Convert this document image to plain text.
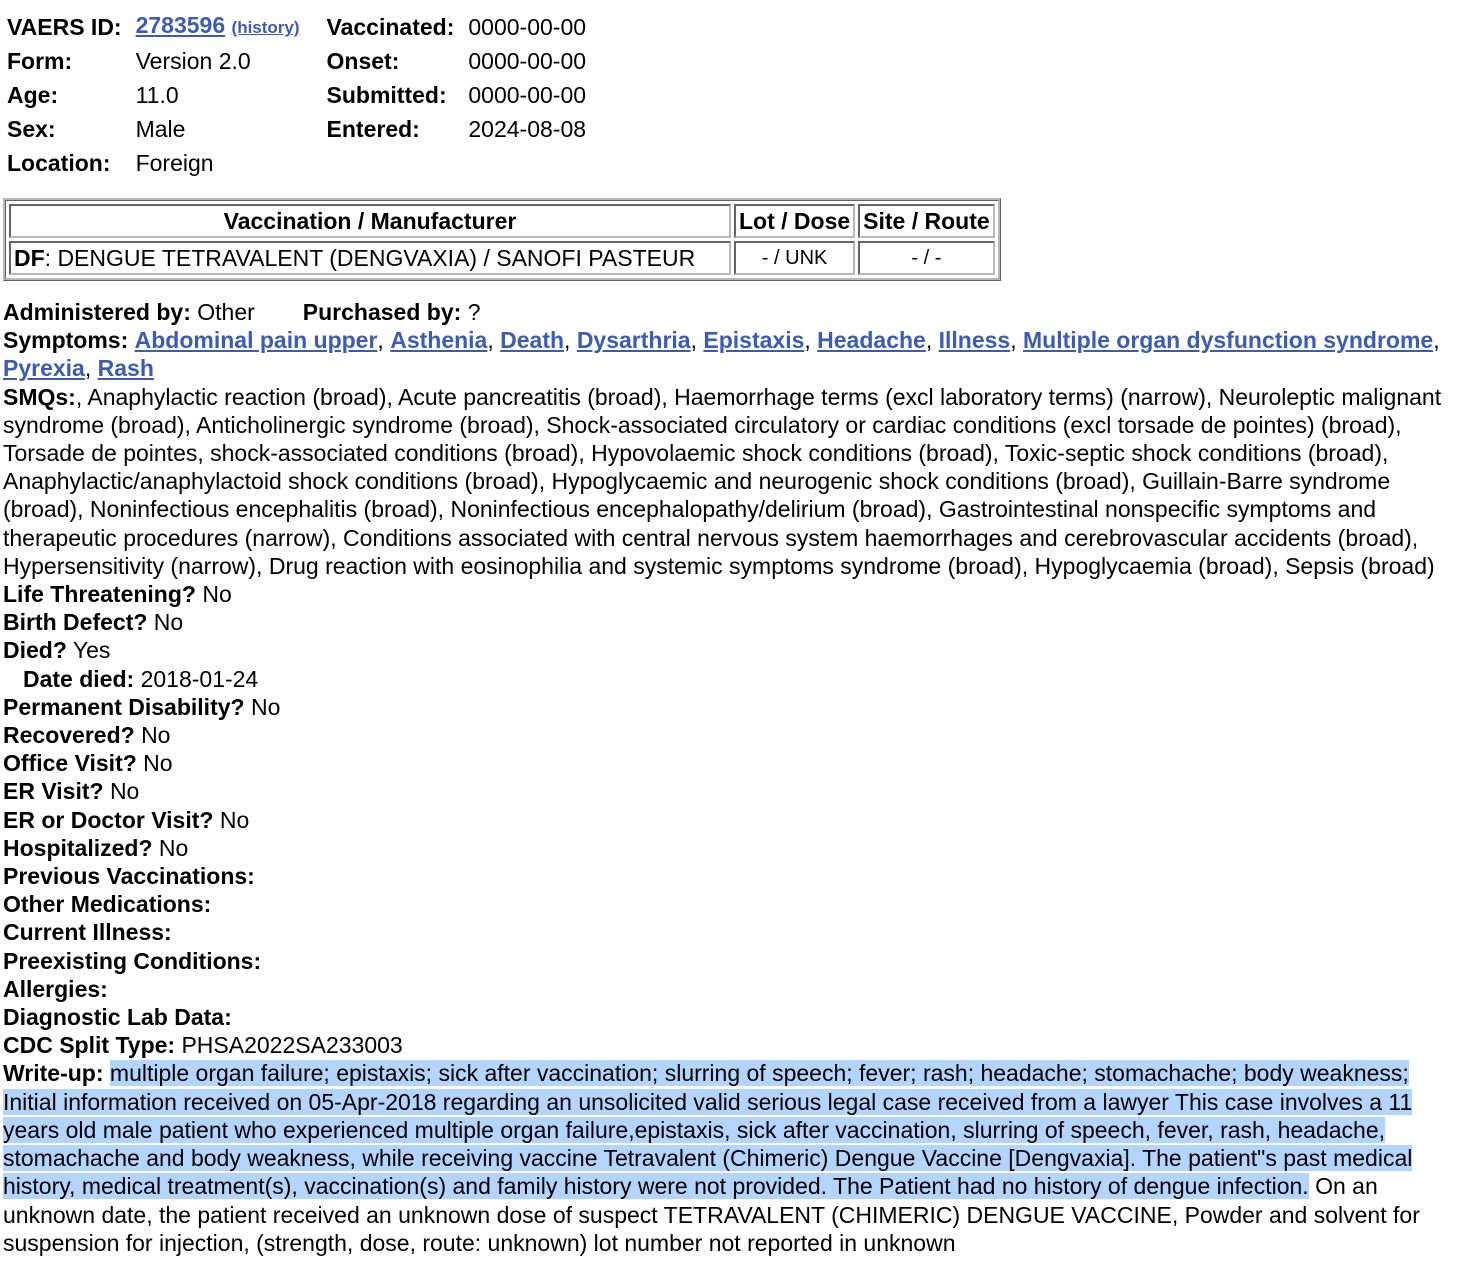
VAERS ID:	2783596 (history)	Vaccinated:	0000-00-00
Form:	Version 2.0	Onset:	0000-00-00
Age:	11.0	Submitted:	0000-00-00
Sex:	Male	Entered:	2024-08-08
Location:	Foreign		
Vaccination / Manufacturer	Lot / Dose	Site / Route
DF: DENGUE TETRAVALENT (DENGVAXIA) / SANOFI PASTEUR	- / UNK	- / -
Administered by: Other Purchased by: ?
Symptoms: Abdominal pain upper, Asthenia, Death, Dysarthria, Epistaxis, Headache, Illness, Multiple organ dysfunction syndrome, Pyrexia, Rash
SMQs:, Anaphylactic reaction (broad), Acute pancreatitis (broad), Haemorrhage terms (excl laboratory terms) (narrow), Neuroleptic malignant syndrome (broad), Anticholinergic syndrome (broad), Shock-associated circulatory or cardiac conditions (excl torsade de pointes) (broad), Torsade de pointes, shock-associated conditions (broad), Hypovolaemic shock conditions (broad), Toxic-septic shock conditions (broad), Anaphylactic/anaphylactoid shock conditions (broad), Hypoglycaemic and neurogenic shock conditions (broad), Guillain-Barre syndrome (broad), Noninfectious encephalitis (broad), Noninfectious encephalopathy/delirium (broad), Gastrointestinal nonspecific symptoms and therapeutic procedures (narrow), Conditions associated with central nervous system haemorrhages and cerebrovascular accidents (broad), Hypersensitivity (narrow), Drug reaction with eosinophilia and systemic symptoms syndrome (broad), Hypoglycaemia (broad), Sepsis (broad)
Life Threatening? No
Birth Defect? No
Died? Yes
Date died: 2018-01-24
Permanent Disability? No
Recovered? No
Office Visit? No
ER Visit? No
ER or Doctor Visit? No
Hospitalized? No
Previous Vaccinations:
Other Medications:
Current Illness:
Preexisting Conditions:
Allergies:
Diagnostic Lab Data:
CDC Split Type: PHSA2022SA233003
Write-up: multiple organ failure; epistaxis; sick after vaccination; slurring of speech; fever; rash; headache; stomachache; body weakness; Initial information received on 05-Apr-2018 regarding an unsolicited valid serious legal case received from a lawyer This case involves a 11 years old male patient who experienced multiple organ failure,epistaxis, sick after vaccination, slurring of speech, fever, rash, headache, stomachache and body weakness, while receiving vaccine Tetravalent (Chimeric) Dengue Vaccine [Dengvaxia]. The patient"s past medical history, medical treatment(s), vaccination(s) and family history were not provided. The Patient had no history of dengue infection. On an unknown date, the patient received an unknown dose of suspect TETRAVALENT (CHIMERIC) DENGUE VACCINE, Powder and solvent for suspension for injection, (strength, dose, route: unknown) lot number not reported in unknown
